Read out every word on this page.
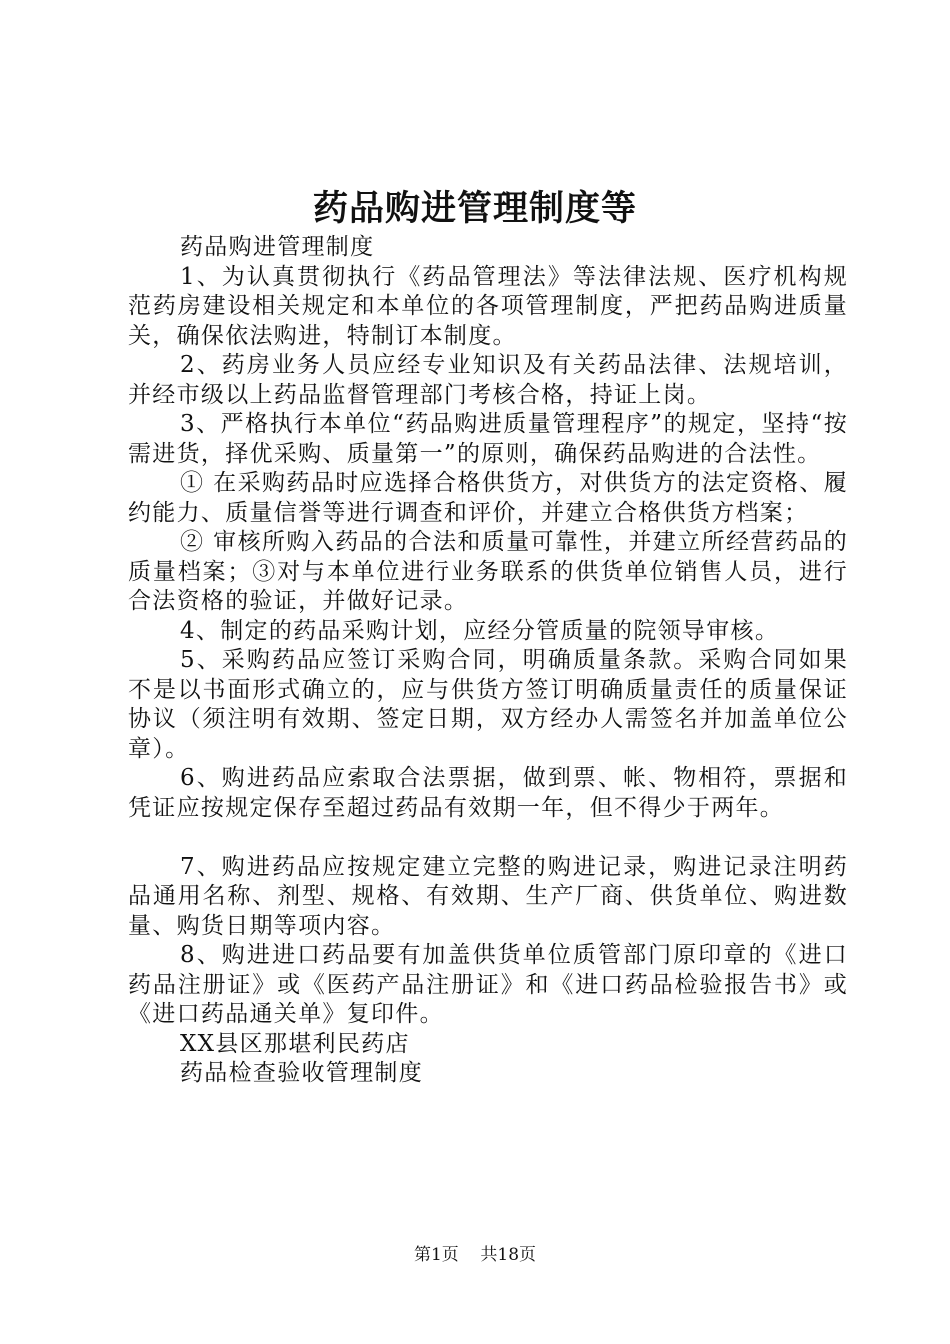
药品购进管理制度等

药品购进管理制度

1、为认真贯彻执行《药品管理法》等法律法规、医疗机构规范药房建设相关规定和本单位的各项管理制度，严把药品购进质量关，确保依法购进，特制订本制度。

2、药房业务人员应经专业知识及有关药品法律、法规培训，并经市级以上药品监督管理部门考核合格，持证上岗。

3、严格执行本单位“药品购进质量管理程序”的规定，坚持“按需进货，择优采购、质量第一”的原则，确保药品购进的合法性。

① 在采购药品时应选择合格供货方，对供货方的法定资格、履约能力、质量信誉等进行调查和评价，并建立合格供货方档案；

② 审核所购入药品的合法和质量可靠性，并建立所经营药品的质量档案；③对与本单位进行业务联系的供货单位销售人员，进行合法资格的验证，并做好记录。

4、制定的药品采购计划，应经分管质量的院领导审核。

5、采购药品应签订采购合同，明确质量条款。采购合同如果不是以书面形式确立的，应与供货方签订明确质量责任的质量保证协议（须注明有效期、签定日期，双方经办人需签名并加盖单位公章）。

6、购进药品应索取合法票据，做到票、帐、物相符，票据和凭证应按规定保存至超过药品有效期一年，但不得少于两年。

7、购进药品应按规定建立完整的购进记录，购进记录注明药品通用名称、剂型、规格、有效期、生产厂商、供货单位、购进数量、购货日期等项内容。

8、购进进口药品要有加盖供货单位质管部门原印章的《进口药品注册证》或《医药产品注册证》和《进口药品检验报告书》或《进口药品通关单》复印件。

XX县区那堪利民药店

药品检查验收管理制度

第1页 共18页
